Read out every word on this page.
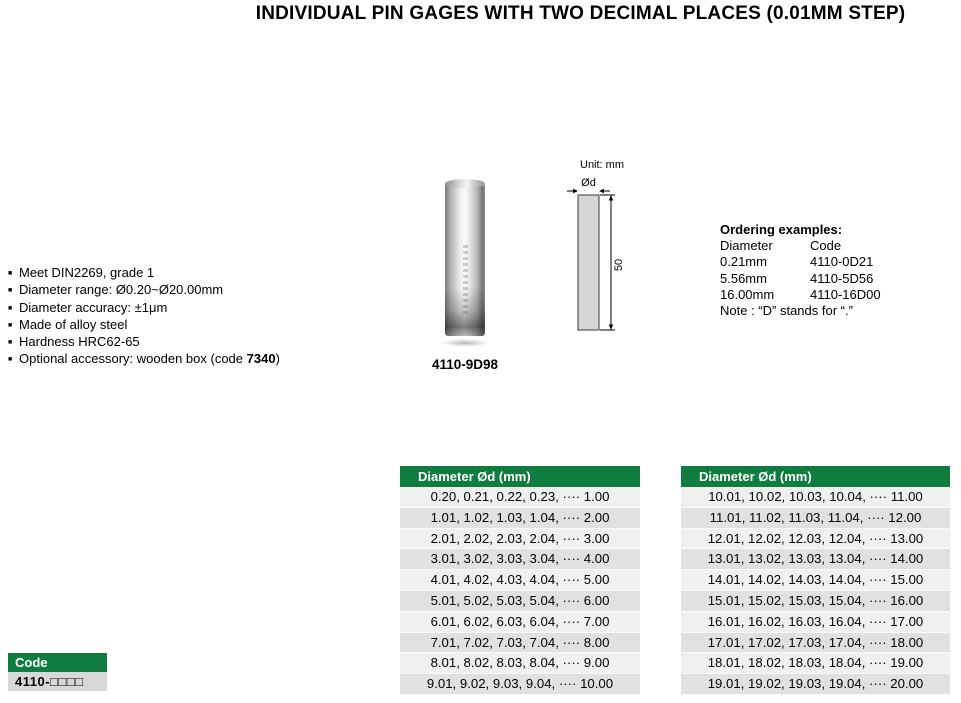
INDIVIDUAL PIN GAGES WITH TWO DECIMAL PLACES (0.01MM STEP)
■ Meet DIN2269, grade 1
■ Diameter range: Ø0.20~Ø20.00mm
■ Diameter accuracy: ±1μm
■ Made of alloy steel
■ Hardness HRC62-65
■ Optional accessory: wooden box (code 7340)	4110-9D98
Unit: mm
Ød
50
Ordering examples:
Diameter	Code
0.21mm	4110-0D21
5.56mm	4110-5D56
16.00mm	4110-16D00
Note : “D” stands for “.”
Code
4110-□□□□
Diameter Ød (mm)
0.20, 0.21, 0.22, 0.23, ···· 1.00
1.01, 1.02, 1.03, 1.04, ···· 2.00
2.01, 2.02, 2.03, 2.04, ···· 3.00
3.01, 3.02, 3.03, 3.04, ···· 4.00
4.01, 4.02, 4.03, 4.04, ···· 5.00
5.01, 5.02, 5.03, 5.04, ···· 6.00
6.01, 6.02, 6.03, 6.04, ···· 7.00
7.01, 7.02, 7.03, 7.04, ···· 8.00
8.01, 8.02, 8.03, 8.04, ···· 9.00
9.01, 9.02, 9.03, 9.04, ···· 10.00
Diameter Ød (mm)
10.01, 10.02, 10.03, 10.04, ···· 11.00
11.01, 11.02, 11.03, 11.04, ···· 12.00
12.01, 12.02, 12.03, 12.04, ···· 13.00
13.01, 13.02, 13.03, 13.04, ···· 14.00
14.01, 14.02, 14.03, 14.04, ···· 15.00
15.01, 15.02, 15.03, 15.04, ···· 16.00
16.01, 16.02, 16.03, 16.04, ···· 17.00
17.01, 17.02, 17.03, 17.04, ···· 18.00
18.01, 18.02, 18.03, 18.04, ···· 19.00
19.01, 19.02, 19.03, 19.04, ···· 20.00
